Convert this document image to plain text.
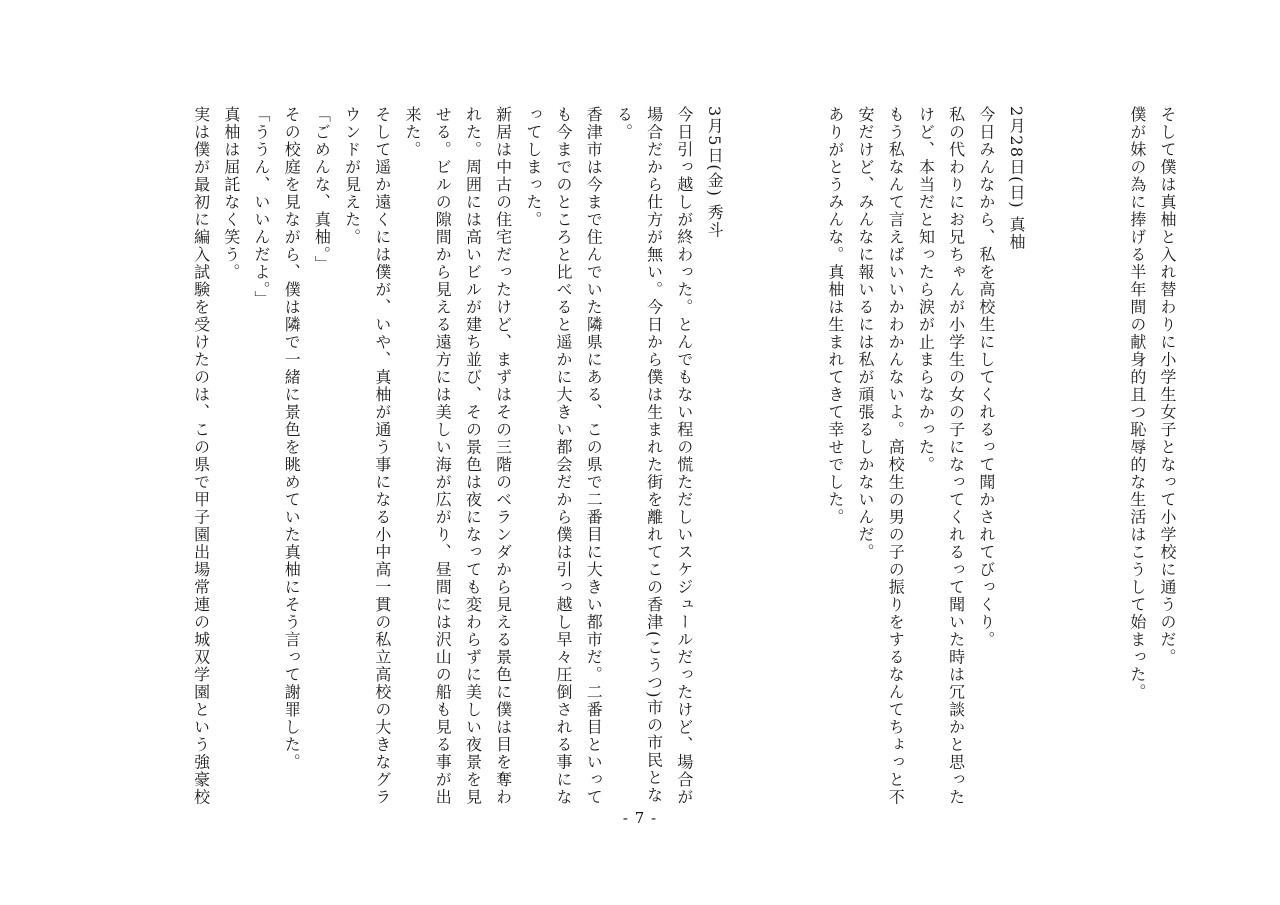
そして僕は真柚と入れ替わりに小学生女子となって小学校に通うのだ。
僕が妹の為に捧げる半年間の献身的且つ恥辱的な生活はこうして始まった。
2月28日(日) 真柚
今日みんなから、私を高校生にしてくれるって聞かされてびっくり。
私の代わりにお兄ちゃんが小学生の女の子になってくれるって聞いた時は冗談かと思った
けど、本当だと知ったら涙が止まらなかった。
もう私なんて言えばいいかわかんないよ。高校生の男の子の振りをするなんてちょっと不
安だけど、みんなに報いるには私が頑張るしかないんだ。
ありがとうみんな。真柚は生まれてきて幸せでした。
3月5日(金) 秀斗
今日引っ越しが終わった。とんでもない程の慌ただしいスケジュールだったけど、場合が
場合だから仕方が無い。今日から僕は生まれた街を離れてこの香津(こうつ)市の市民とな
る。
香津市は今まで住んでいた隣県にある、この県で二番目に大きい都市だ。二番目といって
も今までのところと比べると遥かに大きい都会だから僕は引っ越し早々圧倒される事にな
ってしまった。
新居は中古の住宅だったけど、まずはその三階のベランダから見える景色に僕は目を奪わ
れた。周囲には高いビルが建ち並び、その景色は夜になっても変わらずに美しい夜景を見
せる。ビルの隙間から見える遠方には美しい海が広がり、昼間には沢山の船も見る事が出
来た。
そして遥か遠くには僕が、いや、真柚が通う事になる小中高一貫の私立高校の大きなグラ
ウンドが見えた。
「ごめんな、真柚。」
その校庭を見ながら、僕は隣で一緒に景色を眺めていた真柚にそう言って謝罪した。
「ううん、いいんだよ。」
真柚は屈託なく笑う。
実は僕が最初に編入試験を受けたのは、この県で甲子園出場常連の城双学園という強豪校
- 7 -
